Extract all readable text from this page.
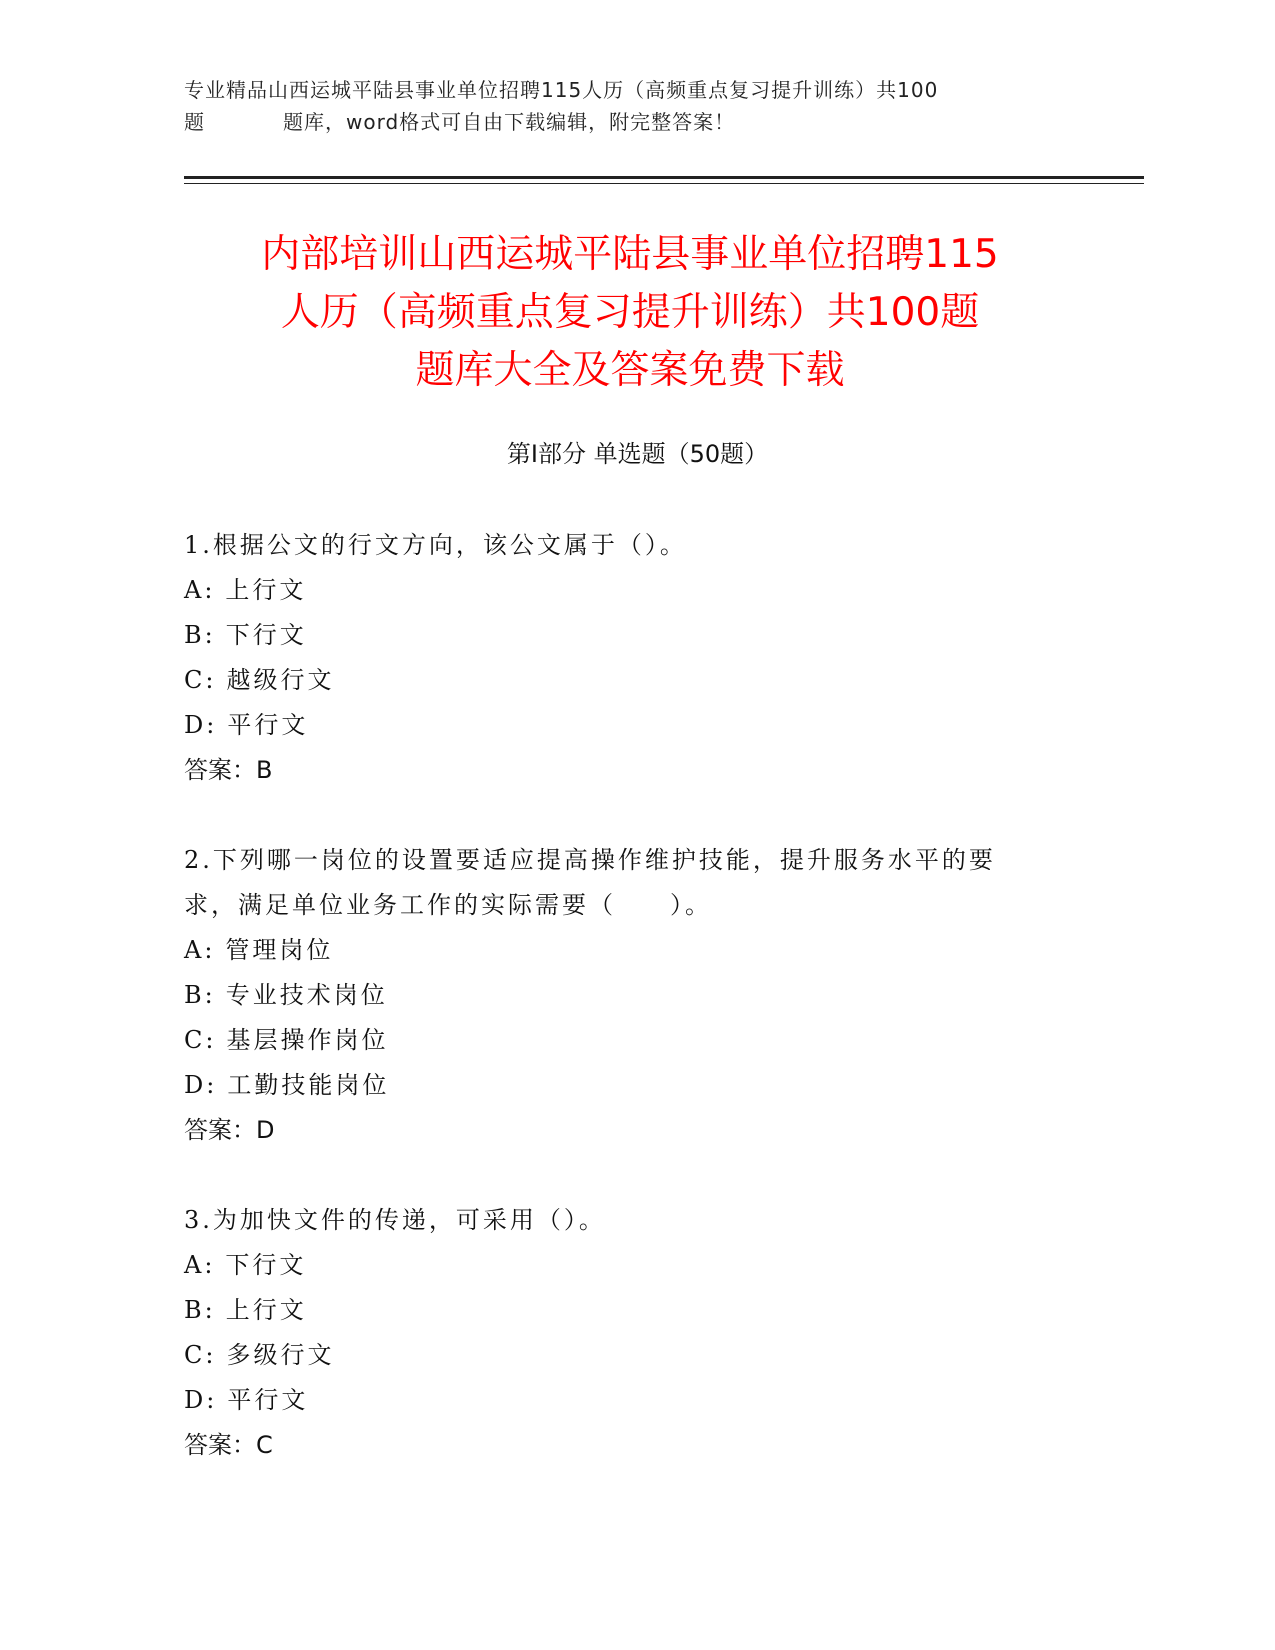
专业精品山西运城平陆县事业单位招聘115人历（高频重点复习提升训练）共100
题	题库，word格式可自由下载编辑，附完整答案！
内部培训山西运城平陆县事业单位招聘115
人历（高频重点复习提升训练）共100题
题库大全及答案免费下载
第Ⅰ部分 单选题（50题）

1.根据公文的行文方向，该公文属于（）。

A: 上行文

B: 下行文

C: 越级行文

D: 平行文

答案：B

2.下列哪一岗位的设置要适应提高操作维护技能，提升服务水平的要

求，满足单位业务工作的实际需要（　　）。

A: 管理岗位

B: 专业技术岗位

C: 基层操作岗位

D: 工勤技能岗位

答案：D

3.为加快文件的传递，可采用（）。

A: 下行文

B: 上行文

C: 多级行文

D: 平行文

答案：C
